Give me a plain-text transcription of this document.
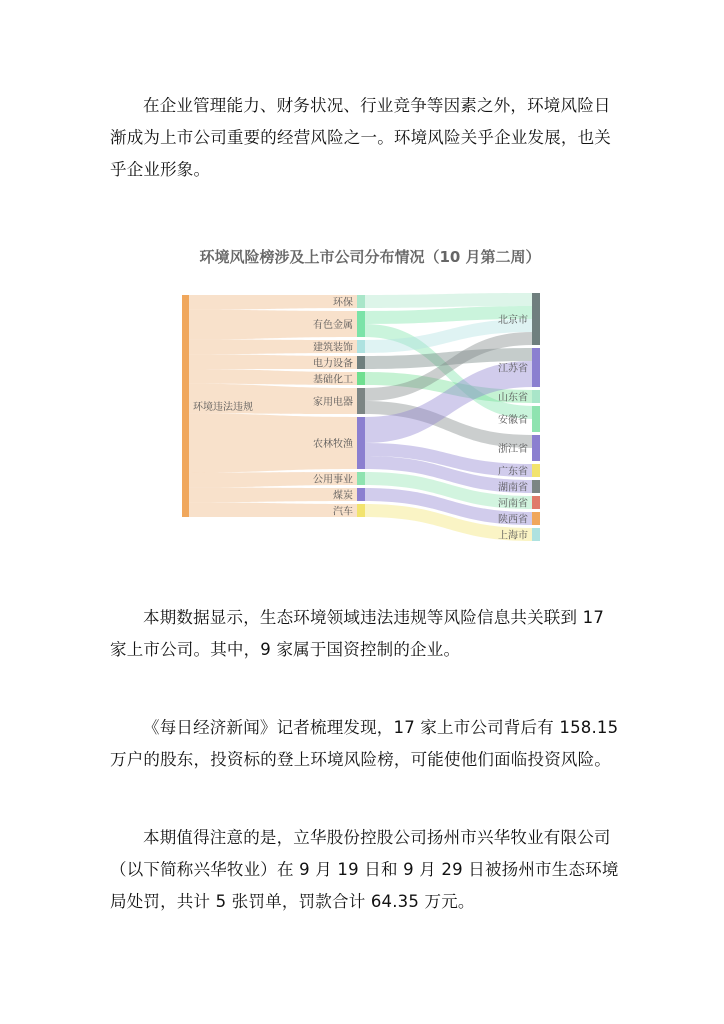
在企业管理能力、财务状况、行业竞争等因素之外，环境风险日渐成为上市公司重要的经营风险之一。环境风险关乎企业发展，也关乎企业形象。
环境风险榜涉及上市公司分布情况（10 月第二周）
环境违法违规
环保
有色金属
建筑装饰
电力设备
基础化工
家用电器
农林牧渔
公用事业
煤炭
汽车
北京市
江苏省
山东省
安徽省
浙江省
广东省
湖南省
河南省
陕西省
上海市
本期数据显示，生态环境领域违法违规等风险信息共关联到 17 家上市公司。其中，9 家属于国资控制的企业。
《每日经济新闻》记者梳理发现，17 家上市公司背后有 158.15 万户的股东，投资标的登上环境风险榜，可能使他们面临投资风险。
本期值得注意的是，立华股份控股公司扬州市兴华牧业有限公司（以下简称兴华牧业）在 9 月 19 日和 9 月 29 日被扬州市生态环境局处罚，共计 5 张罚单，罚款合计 64.35 万元。
